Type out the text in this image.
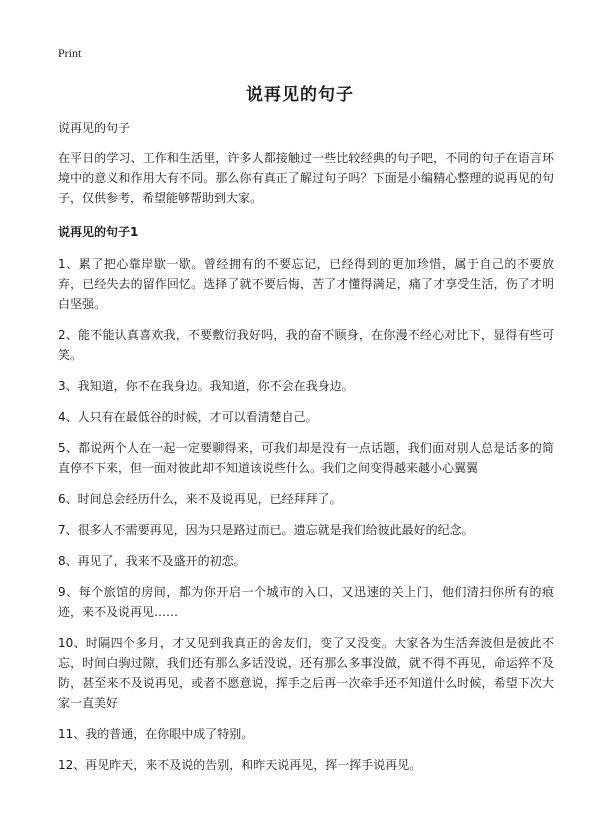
Print
说再见的句子

说再见的句子

在平日的学习、工作和生活里，许多人都接触过一些比较经典的句子吧，不同的句子在语言环境中的意义和作用大有不同。那么你有真正了解过句子吗？下面是小编精心整理的说再见的句子，仅供参考，希望能够帮助到大家。

说再见的句子1

1、累了把心靠岸歇一歇。曾经拥有的不要忘记，已经得到的更加珍惜，属于自己的不要放弃，已经失去的留作回忆。选择了就不要后悔，苦了才懂得满足，痛了才享受生活，伤了才明白坚强。

2、能不能认真喜欢我，不要敷衍我好吗，我的奋不顾身，在你漫不经心对比下，显得有些可笑。

3、我知道，你不在我身边。我知道，你不会在我身边。

4、人只有在最低谷的时候，才可以看清楚自己。

5、都说两个人在一起一定要聊得来，可我们却是没有一点话题，我们面对别人总是话多的简直停不下来，但一面对彼此却不知道该说些什么。我们之间变得越来越小心翼翼

6、时间总会经历什么，来不及说再见，已经拜拜了。

7、很多人不需要再见，因为只是路过而已。遗忘就是我们给彼此最好的纪念。

8、再见了，我来不及盛开的初恋。

9、每个旅馆的房间，都为你开启一个城市的入口，又迅速的关上门，他们清扫你所有的痕迹，来不及说再见……

10、时隔四个多月，才又见到我真正的舍友们，变了又没变。大家各为生活奔波但是彼此不忘，时间白驹过隙，我们还有那么多话没说，还有那么多事没做，就不得不再见，命运猝不及防，甚至来不及说再见，或者不愿意说，挥手之后再一次牵手还不知道什么时候，希望下次大家一直美好

11、我的普通，在你眼中成了特别。

12、再见昨天，来不及说的告别，和昨天说再见，挥一挥手说再见。
